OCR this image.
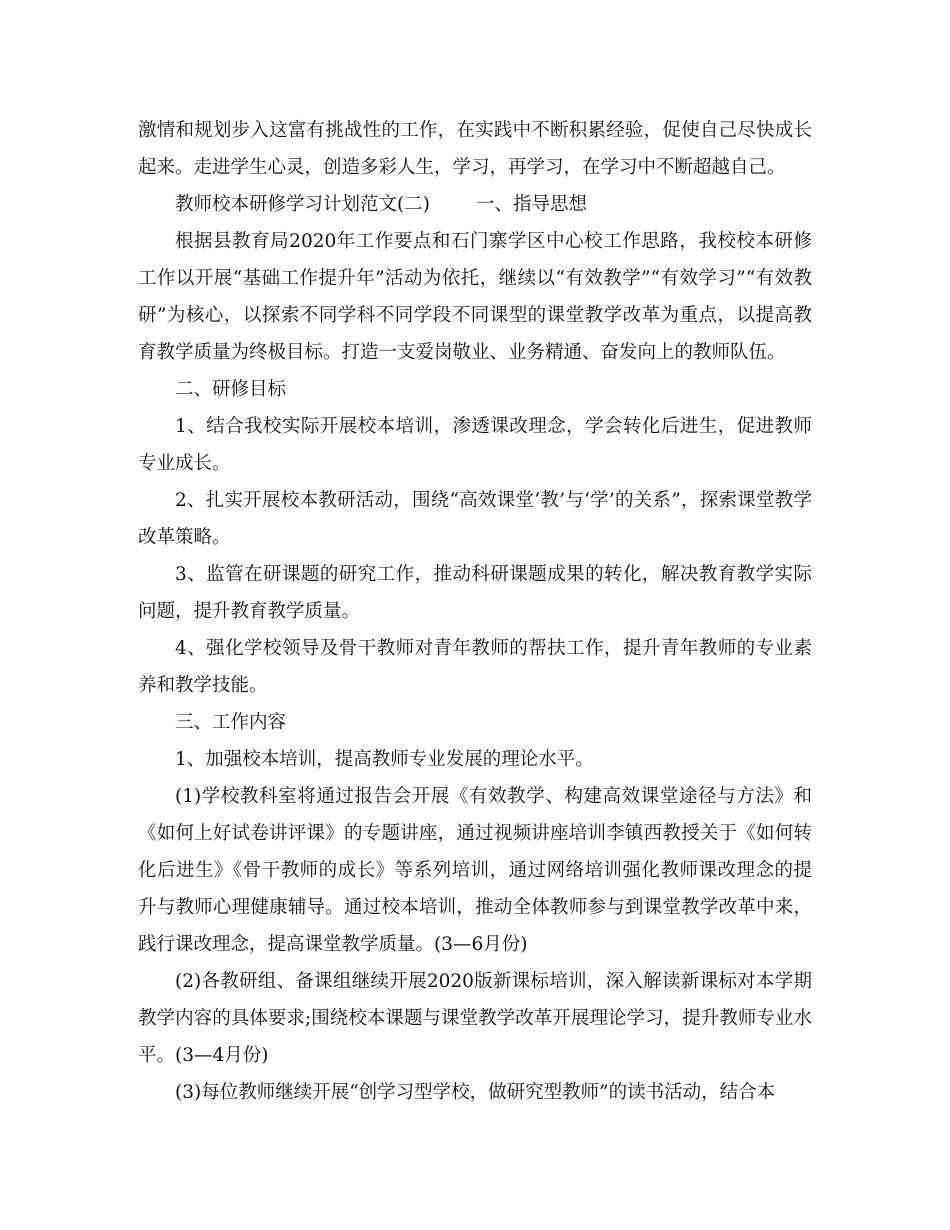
激情和规划步入这富有挑战性的工作，在实践中不断积累经验，促使自己尽快成长起来。走进学生心灵，创造多彩人生，学习，再学习，在学习中不断超越自己。

教师校本研修学习计划范文(二) 一、指导思想

根据县教育局2020年工作要点和石门寨学区中心校工作思路，我校校本研修工作以开展“基础工作提升年”活动为依托，继续以“有效教学”“有效学习”“有效教研”为核心，以探索不同学科不同学段不同课型的课堂教学改革为重点，以提高教育教学质量为终极目标。打造一支爱岗敬业、业务精通、奋发向上的教师队伍。

二、研修目标

1、结合我校实际开展校本培训，渗透课改理念，学会转化后进生，促进教师专业成长。

2、扎实开展校本教研活动，围绕“高效课堂‘教’与‘学’的关系”，探索课堂教学改革策略。

3、监管在研课题的研究工作，推动科研课题成果的转化，解决教育教学实际问题，提升教育教学质量。

4、强化学校领导及骨干教师对青年教师的帮扶工作，提升青年教师的专业素养和教学技能。

三、工作内容

1、加强校本培训，提高教师专业发展的理论水平。

(1)学校教科室将通过报告会开展《有效教学、构建高效课堂途径与方法》和《如何上好试卷讲评课》的专题讲座，通过视频讲座培训李镇西教授关于《如何转化后进生》《骨干教师的成长》等系列培训，通过网络培训强化教师课改理念的提升与教师心理健康辅导。通过校本培训，推动全体教师参与到课堂教学改革中来，践行课改理念，提高课堂教学质量。(3—6月份)

(2)各教研组、备课组继续开展2020版新课标培训，深入解读新课标对本学期教学内容的具体要求;围绕校本课题与课堂教学改革开展理论学习，提升教师专业水平。(3—4月份)

(3)每位教师继续开展“创学习型学校，做研究型教师”的读书活动，结合本
